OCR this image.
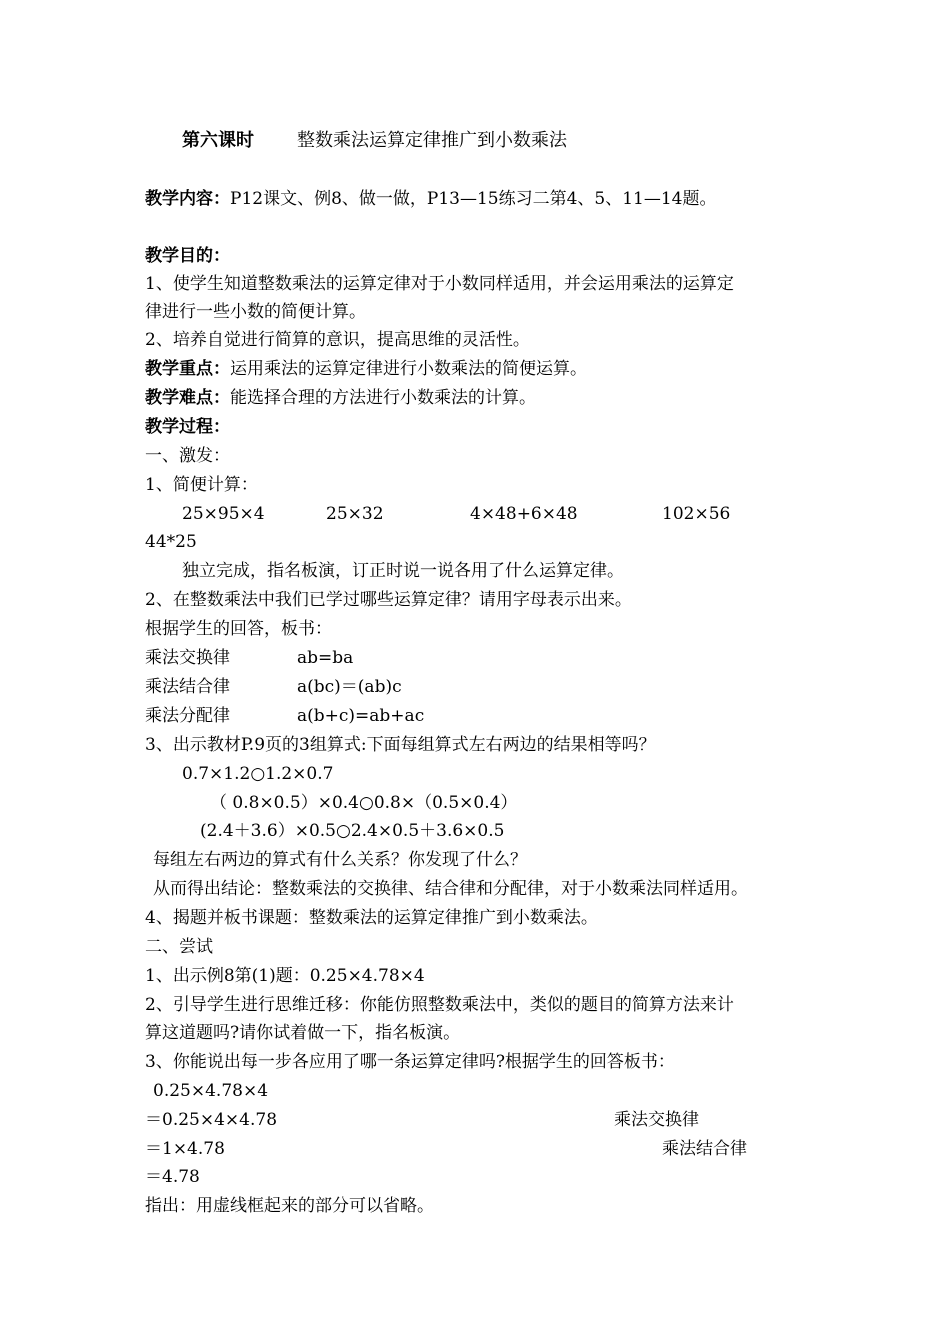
第六课时 整数乘法运算定律推广到小数乘法
教学内容：P12课文、例8、做一做，P13—15练习二第4、5、11—14题。
教学目的：
1、使学生知道整数乘法的运算定律对于小数同样适用，并会运用乘法的运算定
律进行一些小数的简便计算。
2、培养自觉进行简算的意识，提高思维的灵活性。
教学重点：运用乘法的运算定律进行小数乘法的简便运算。
教学难点：能选择合理的方法进行小数乘法的计算。
教学过程：
一、激发：
1、简便计算：
25×95×4	25×32	4×48+6×48	102×56
44*25
独立完成，指名板演，订正时说一说各用了什么运算定律。
2、在整数乘法中我们已学过哪些运算定律？请用字母表示出来。
根据学生的回答，板书：
乘法交换律	ab=ba
乘法结合律	a(bc)＝(ab)c
乘法分配律	a(b+c)=ab+ac
3、出示教材P.9页的3组算式:下面每组算式左右两边的结果相等吗？
0.7×1.2○1.2×0.7
（ 0.8×0.5）×0.4○0.8×（0.5×0.4）
(2.4＋3.6）×0.5○2.4×0.5＋3.6×0.5
每组左右两边的算式有什么关系？你发现了什么？
从而得出结论：整数乘法的交换律、结合律和分配律，对于小数乘法同样适用。
4、揭题并板书课题：整数乘法的运算定律推广到小数乘法。
二、尝试
1、出示例8第(1)题：0.25×4.78×4
2、引导学生进行思维迁移：你能仿照整数乘法中，类似的题目的简算方法来计
算这道题吗?请你试着做一下，指名板演。
3、你能说出每一步各应用了哪一条运算定律吗?根据学生的回答板书：
0.25×4.78×4
＝0.25×4×4.78	乘法交换律
＝1×4.78	乘法结合律
＝4.78
指出：用虚线框起来的部分可以省略。
